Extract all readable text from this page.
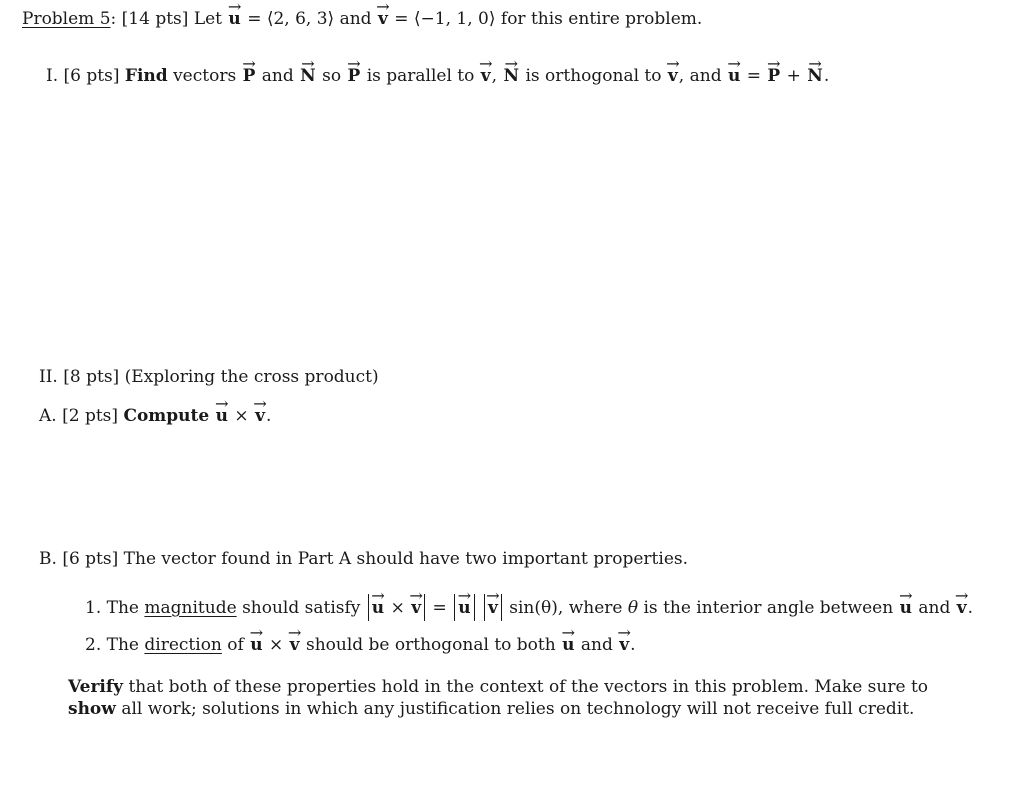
Problem 5: [14 pts] Let → u = ⟨2, 6, 3⟩ and → v = ⟨−1, 1, 0⟩ for this entire problem.
I. [6 pts] Find vectors → P and → N so → P is parallel to → v, → N is orthogonal to → v, and → u = → P + → N.
II. [8 pts] (Exploring the cross product)
A. [2 pts] Compute → u × → v.
B. [6 pts] The vector found in Part A should have two important properties.
1. The magnitude should satisfy → u × → v = → u → v sin(θ), where θ is the interior angle between → u and → v.
2. The direction of → u × → v should be orthogonal to both → u and → v.
Verify that both of these properties hold in the context of the vectors in this problem. Make sure to show all work; solutions in which any justification relies on technology will not receive full credit.
